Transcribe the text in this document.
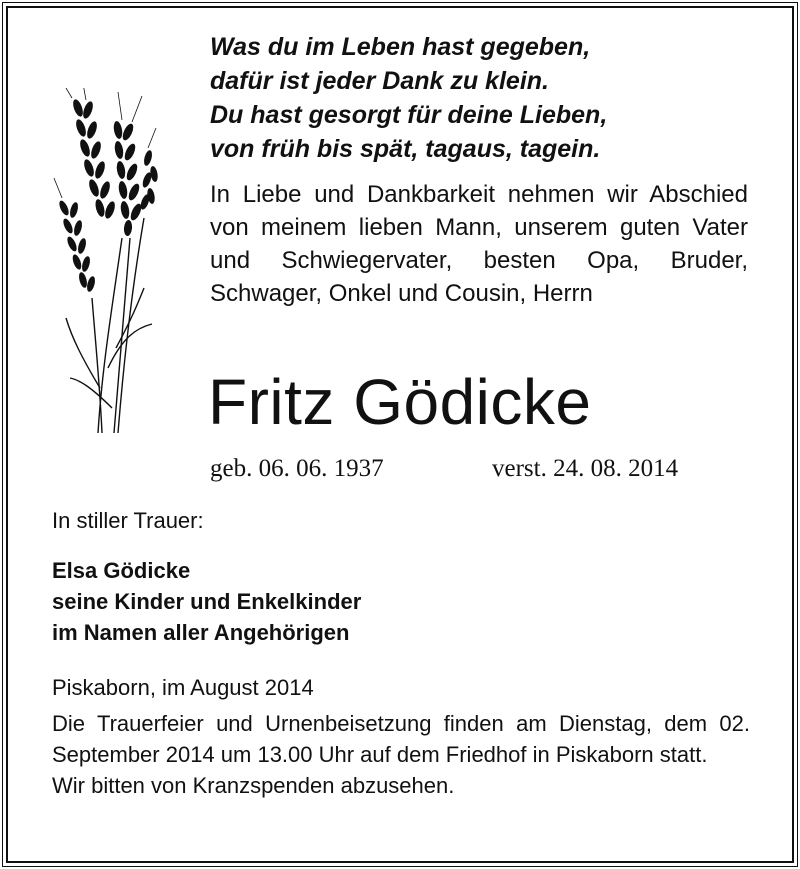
Was du im Leben hast gegeben,
dafür ist jeder Dank zu klein.
Du hast gesorgt für deine Lieben,
von früh bis spät, tagaus, tagein.
In Liebe und Dankbarkeit nehmen wir Abschied von meinem lieben Mann, unserem guten Vater und Schwiegervater, besten Opa, Bruder, Schwager, Onkel und Cousin, Herrn
Fritz Gödicke
geb. 06. 06. 1937	verst. 24. 08. 2014
In stiller Trauer:
Elsa Gödicke
seine Kinder und Enkelkinder
im Namen aller Angehörigen
Piskaborn, im August 2014
Die Trauerfeier und Urnenbeisetzung finden am Dienstag, dem 02. September 2014 um 13.00 Uhr auf dem Friedhof in Piskaborn statt.
Wir bitten von Kranzspenden abzusehen.
